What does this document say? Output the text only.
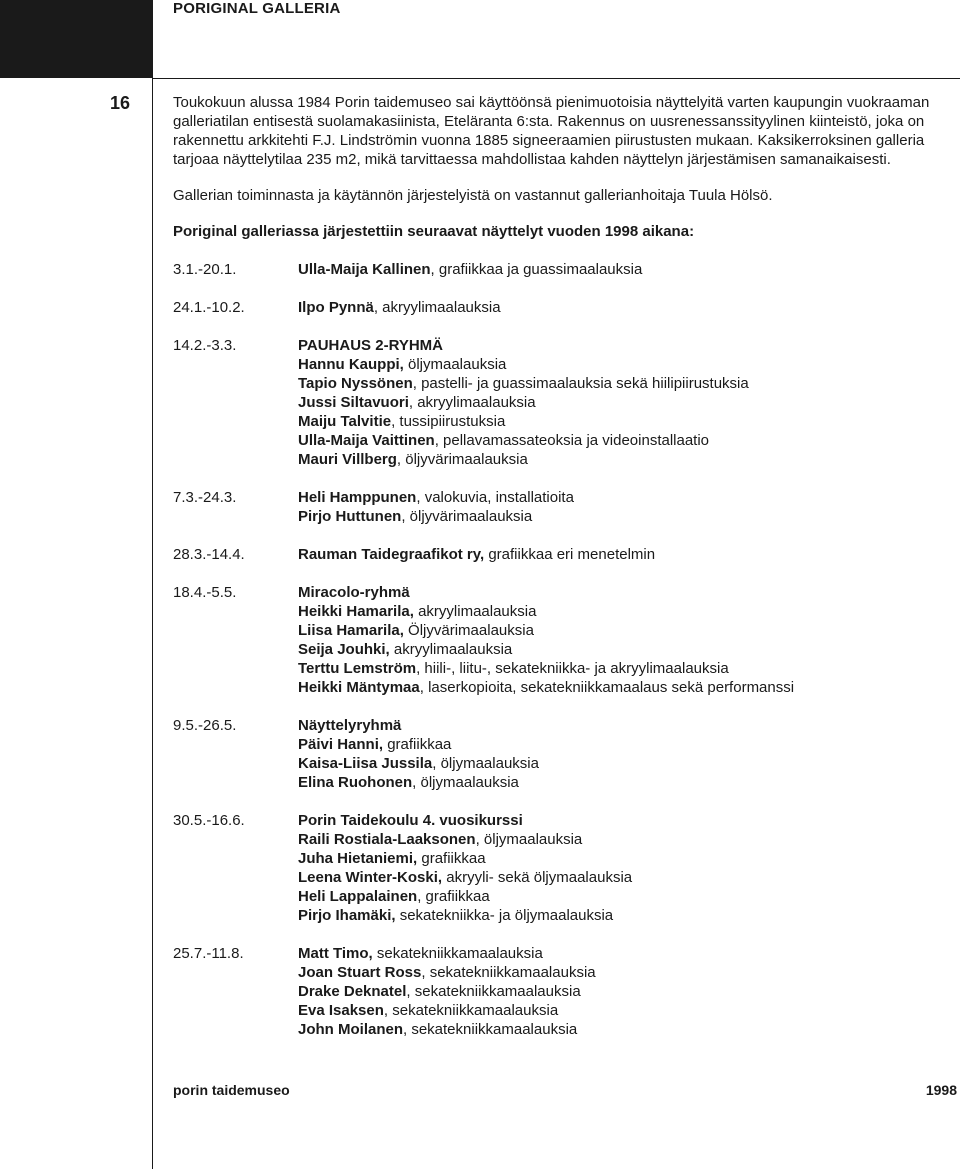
PORIGINAL GALLERIA
16	Toukokuun alussa 1984 Porin taidemuseo sai käyttöönsä pienimuotoisia näyttelyitä varten kaupungin vuokraaman galleriatilan entisestä suolamakasiinista, Eteläranta 6:sta. Rakennus on uusrenessanssityylinen kiinteistö, joka on rakennettu arkkitehti F.J. Lindströmin vuonna 1885 signeeraamien piirustusten mukaan. Kaksikerroksinen galleria tarjoaa näyttelytilaa 235 m2, mikä tarvittaessa mahdollistaa kahden näyttelyn järjestämisen samanaikaisesti.

Gallerian toiminnasta ja käytännön järjestelyistä on vastannut gallerianhoitaja Tuula Hölsö.

Poriginal galleriassa järjestettiin seuraavat näyttelyt vuoden 1998 aikana:

3.1.-20.1.	Ulla-Maija Kallinen, grafiikkaa ja guassimaalauksia
24.1.-10.2.	Ilpo Pynnä, akryylimaalauksia
14.2.-3.3.	PAUHAUS 2-RYHMÄ
Hannu Kauppi, öljymaalauksia
Tapio Nyssönen, pastelli- ja guassimaalauksia sekä hiilipiirustuksia
Jussi Siltavuori, akryylimaalauksia
Maiju Talvitie, tussipiirustuksia
Ulla-Maija Vaittinen, pellavamassateoksia ja videoinstallaatio
Mauri Villberg, öljyvärimaalauksia
7.3.-24.3.	Heli Hamppunen, valokuvia, installatioita
Pirjo Huttunen, öljyvärimaalauksia
28.3.-14.4.	Rauman Taidegraafikot ry, grafiikkaa eri menetelmin
18.4.-5.5.	Miracolo-ryhmä
Heikki Hamarila, akryylimaalauksia
Liisa Hamarila, Öljyvärimaalauksia
Seija Jouhki, akryylimaalauksia
Terttu Lemström, hiili-, liitu-, sekatekniikka- ja akryylimaalauksia
Heikki Mäntymaa, laserkopioita, sekatekniikkamaalaus sekä performanssi
9.5.-26.5.	Näyttelyryhmä
Päivi Hanni, grafiikkaa
Kaisa-Liisa Jussila, öljymaalauksia
Elina Ruohonen, öljymaalauksia
30.5.-16.6.	Porin Taidekoulu 4. vuosikurssi
Raili Rostiala-Laaksonen, öljymaalauksia
Juha Hietaniemi, grafiikkaa
Leena Winter-Koski, akryyli- sekä öljymaalauksia
Heli Lappalainen, grafiikkaa
Pirjo Ihamäki, sekatekniikka- ja öljymaalauksia
25.7.-11.8.	Matt Timo, sekatekniikkamaalauksia
Joan Stuart Ross, sekatekniikkamaalauksia
Drake Deknatel, sekatekniikkamaalauksia
Eva Isaksen, sekatekniikkamaalauksia
John Moilanen, sekatekniikkamaalauksia
porin taidemuseo	1998
